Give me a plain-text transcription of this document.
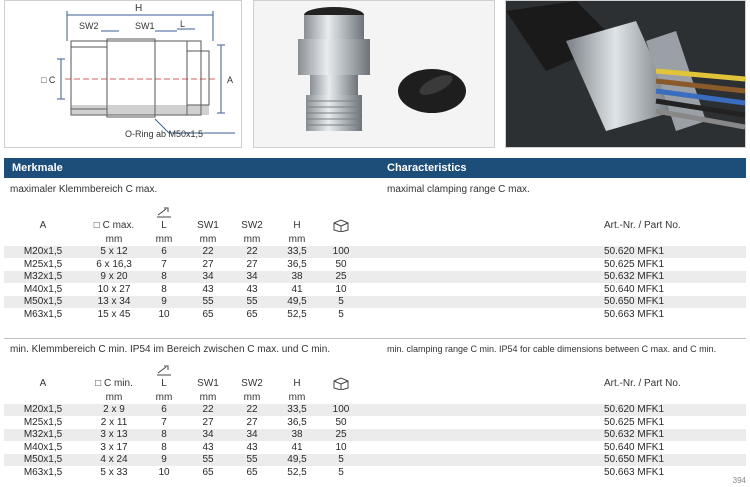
H
SW2	SW1	L
□ C	A
O-Ring ab M50x1,5
Merkmale	Characteristics
maximaler Klemmbereich C max.	maximal clamping range C max.
A	□ C max.	L	SW1	SW2	H	Art.-Nr. / Part No.
mm	mm	mm	mm	mm
M20x1,5	5 x 12	6	22	22	33,5	100	50.620 MFK1
M25x1,5	6 x 16,3	7	27	27	36,5	50	50.625 MFK1
M32x1,5	9 x 20	8	34	34	38	25	50.632 MFK1
M40x1,5	10 x 27	8	43	43	41	10	50.640 MFK1
M50x1,5	13 x 34	9	55	55	49,5	5	50.650 MFK1
M63x1,5	15 x 45	10	65	65	52,5	5	50.663 MFK1
min. Klemmbereich C min. IP54 im Bereich zwischen C max. und C min.	min. clamping range C min. IP54 for cable dimensions between C max. and C min.
A	□ C min.	L	SW1	SW2	H	Art.-Nr. / Part No.
mm	mm	mm	mm	mm
M20x1,5	2 x 9	6	22	22	33,5	100	50.620 MFK1
M25x1,5	2 x 11	7	27	27	36,5	50	50.625 MFK1
M32x1,5	3 x 13	8	34	34	38	25	50.632 MFK1
M40x1,5	3 x 17	8	43	43	41	10	50.640 MFK1
M50x1,5	4 x 24	9	55	55	49,5	5	50.650 MFK1
M63x1,5	5 x 33	10	65	65	52,5	5	50.663 MFK1
394
